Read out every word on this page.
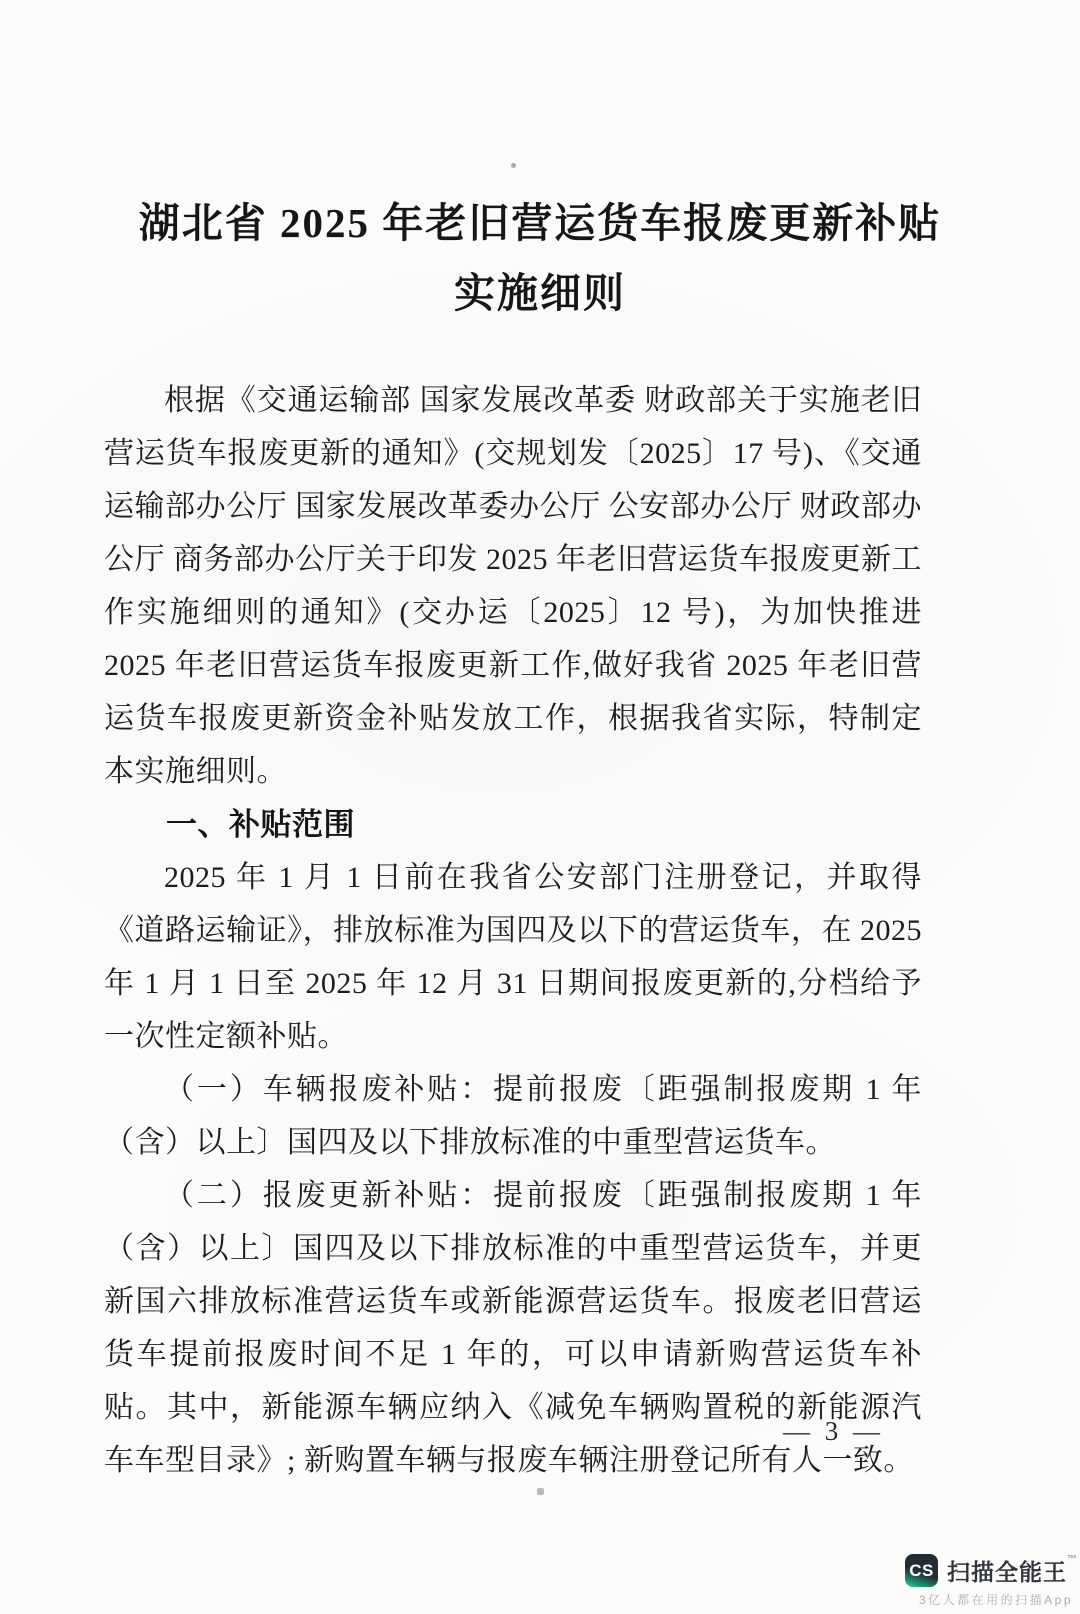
湖北省 2025 年老旧营运货车报废更新补贴
实施细则

根据《交通运输部 国家发展改革委 财政部关于实施老旧营运货车报废更新的通知》(交规划发〔2025〕17 号)、《交通运输部办公厅 国家发展改革委办公厅 公安部办公厅 财政部办公厅 商务部办公厅关于印发 2025 年老旧营运货车报废更新工作实施细则的通知》(交办运〔2025〕12 号)，为加快推进 2025 年老旧营运货车报废更新工作,做好我省 2025 年老旧营运货车报废更新资金补贴发放工作，根据我省实际，特制定本实施细则。

一、补贴范围

2025 年 1 月 1 日前在我省公安部门注册登记，并取得《道路运输证》，排放标准为国四及以下的营运货车，在 2025 年 1 月 1 日至 2025 年 12 月 31 日期间报废更新的,分档给予一次性定额补贴。

（一）车辆报废补贴：提前报废〔距强制报废期 1 年（含）以上〕国四及以下排放标准的中重型营运货车。

（二）报废更新补贴：提前报废〔距强制报废期 1 年（含）以上〕国四及以下排放标准的中重型营运货车，并更新国六排放标准营运货车或新能源营运货车。报废老旧营运货车提前报废时间不足 1 年的，可以申请新购营运货车补贴。其中，新能源车辆应纳入《减免车辆购置税的新能源汽车车型目录》; 新购置车辆与报废车辆注册登记所有人一致。

— 3 —
CS 扫描全能王™
3亿人都在用的扫描App
